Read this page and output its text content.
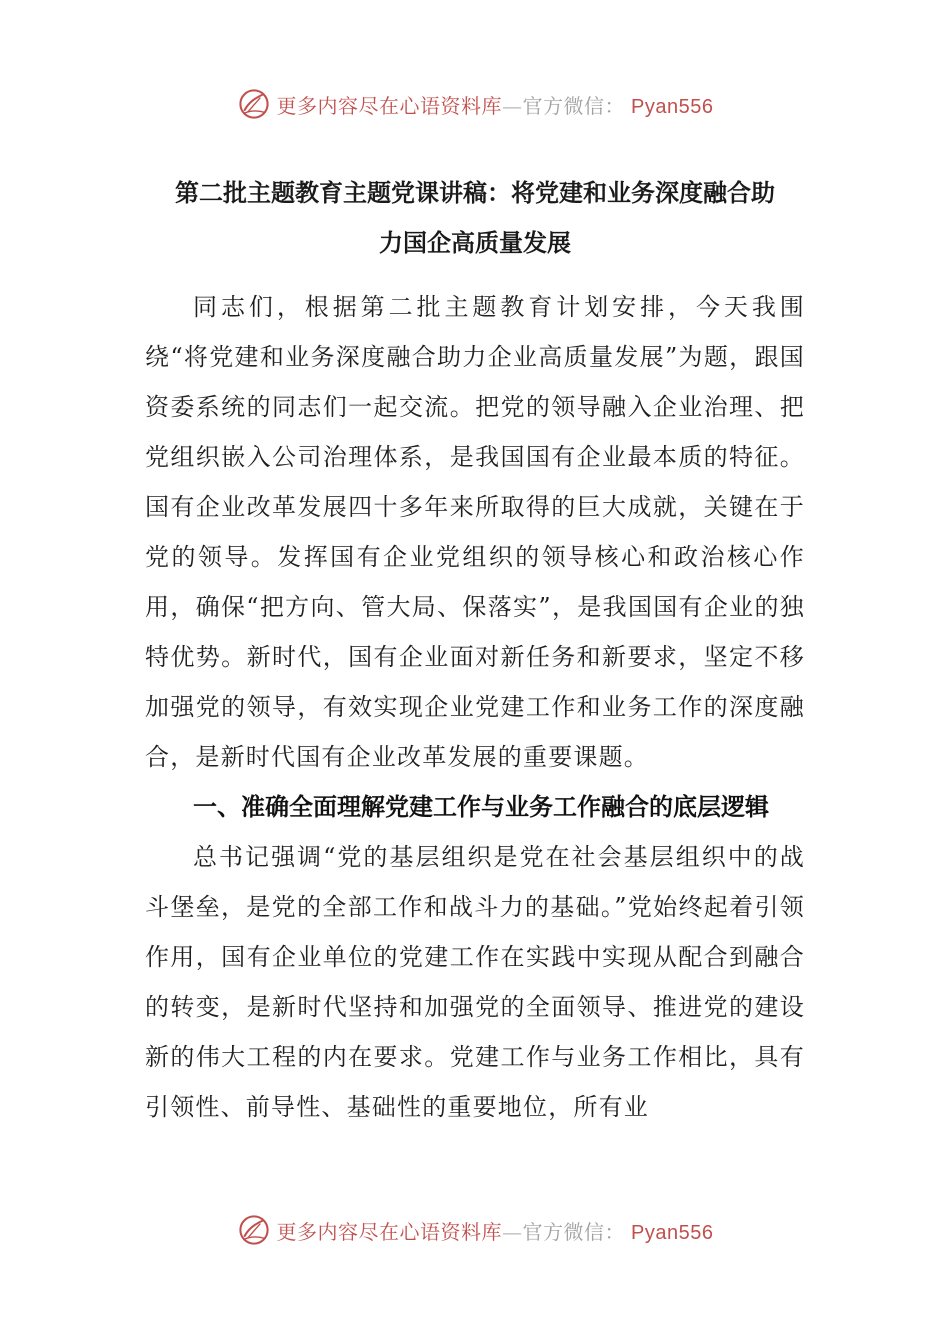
更多内容尽在心语资料库—官方微信： Pyan556
第二批主题教育主题党课讲稿：将党建和业务深度融合助
力国企高质量发展

同志们，根据第二批主题教育计划安排，今天我围绕“将党建和业务深度融合助力企业高质量发展”为题，跟国资委系统的同志们一起交流。把党的领导融入企业治理、把党组织嵌入公司治理体系，是我国国有企业最本质的特征。国有企业改革发展四十多年来所取得的巨大成就，关键在于党的领导。发挥国有企业党组织的领导核心和政治核心作用，确保“把方向、管大局、保落实”，是我国国有企业的独特优势。新时代，国有企业面对新任务和新要求，坚定不移加强党的领导，有效实现企业党建工作和业务工作的深度融合，是新时代国有企业改革发展的重要课题。

一、准确全面理解党建工作与业务工作融合的底层逻辑

总书记强调“党的基层组织是党在社会基层组织中的战斗堡垒，是党的全部工作和战斗力的基础。”党始终起着引领作用，国有企业单位的党建工作在实践中实现从配合到融合的转变，是新时代坚持和加强党的全面领导、推进党的建设新的伟大工程的内在要求。党建工作与业务工作相比，具有引领性、前导性、基础性的重要地位，所有业

更多内容尽在心语资料库—官方微信： Pyan556
